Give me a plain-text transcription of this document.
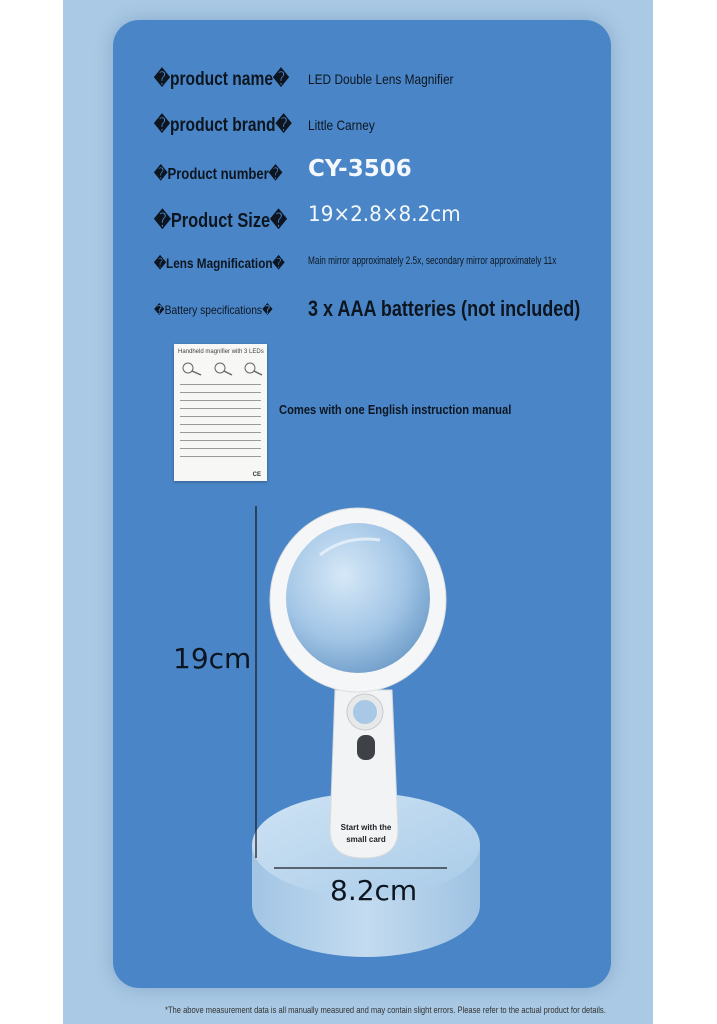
�product name� LED Double Lens Magnifier
�product brand� Little Carney
�Product number� CY-3506
�Product Size� 19×2.8×8.2cm
�Lens Magnification� Main mirror approximately 2.5x, secondary mirror approximately 11x
�Battery specifications� 3 x AAA batteries (not included)
Handheld magnifier with 3 LEDs
CE
Comes with one English instruction manual
Start with the
small card
19cm
8.2cm
*The above measurement data is all manually measured and may contain slight errors. Please refer to the actual product for details.
